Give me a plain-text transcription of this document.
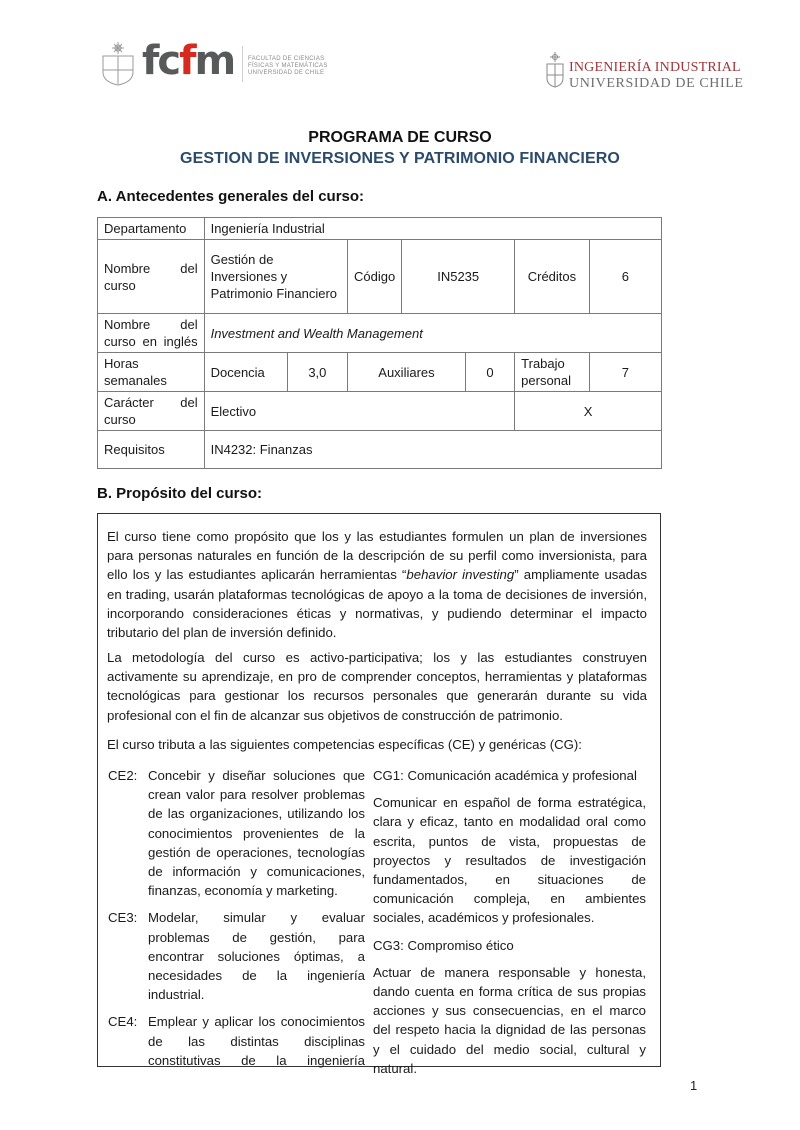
fcfm FACULTAD DE CIENCIAS
FÍSICAS Y MATEMÁTICAS
UNIVERSIDAD DE CHILE	INGENIERÍA INDUSTRIAL
UNIVERSIDAD DE CHILE
PROGRAMA DE CURSO
GESTION DE INVERSIONES Y PATRIMONIO FINANCIERO
A. Antecedentes generales del curso:
Departamento	Ingeniería Industrial						
Nombre del curso	Gestión de Inversiones y Patrimonio Financiero		Código	IN5235		Créditos	6
Nombre del curso en inglés	Investment and Wealth Management						
Horas semanales	Docencia	3,0	Auxiliares		0	Trabajo personal	7
Carácter del curso	Electivo					X	
Requisitos	IN4232: Finanzas						
B. Propósito del curso:
El curso tiene como propósito que los y las estudiantes formulen un plan de inversiones para personas naturales en función de la descripción de su perfil como inversionista, para ello los y las estudiantes aplicarán herramientas “behavior investing” ampliamente usadas en trading, usarán plataformas tecnológicas de apoyo a la toma de decisiones de inversión, incorporando consideraciones éticas y normativas, y pudiendo determinar el impacto tributario del plan de inversión definido.
La metodología del curso es activo-participativa; los y las estudiantes construyen activamente su aprendizaje, en pro de comprender conceptos, herramientas y plataformas tecnológicas para gestionar los recursos personales que generarán durante su vida profesional con el fin de alcanzar sus objetivos de construcción de patrimonio.
El curso tributa a las siguientes competencias específicas (CE) y genéricas (CG):
CE2: Concebir y diseñar soluciones que crean valor para resolver problemas de las organizaciones, utilizando los conocimientos provenientes de la gestión de operaciones, tecnologías de información y comunicaciones, finanzas, economía y marketing.
CE3: Modelar, simular y evaluar problemas de gestión, para encontrar soluciones óptimas, a necesidades de la ingeniería industrial.
CE4: Emplear y aplicar los conocimientos de las distintas disciplinas constitutivas de la ingeniería
CG1: Comunicación académica y profesional
Comunicar en español de forma estratégica, clara y eficaz, tanto en modalidad oral como escrita, puntos de vista, propuestas de proyectos y resultados de investigación fundamentados, en situaciones de comunicación compleja, en ambientes sociales, académicos y profesionales.
CG3: Compromiso ético
Actuar de manera responsable y honesta, dando cuenta en forma crítica de sus propias acciones y sus consecuencias, en el marco del respeto hacia la dignidad de las personas y el cuidado del medio social, cultural y natural.
1
